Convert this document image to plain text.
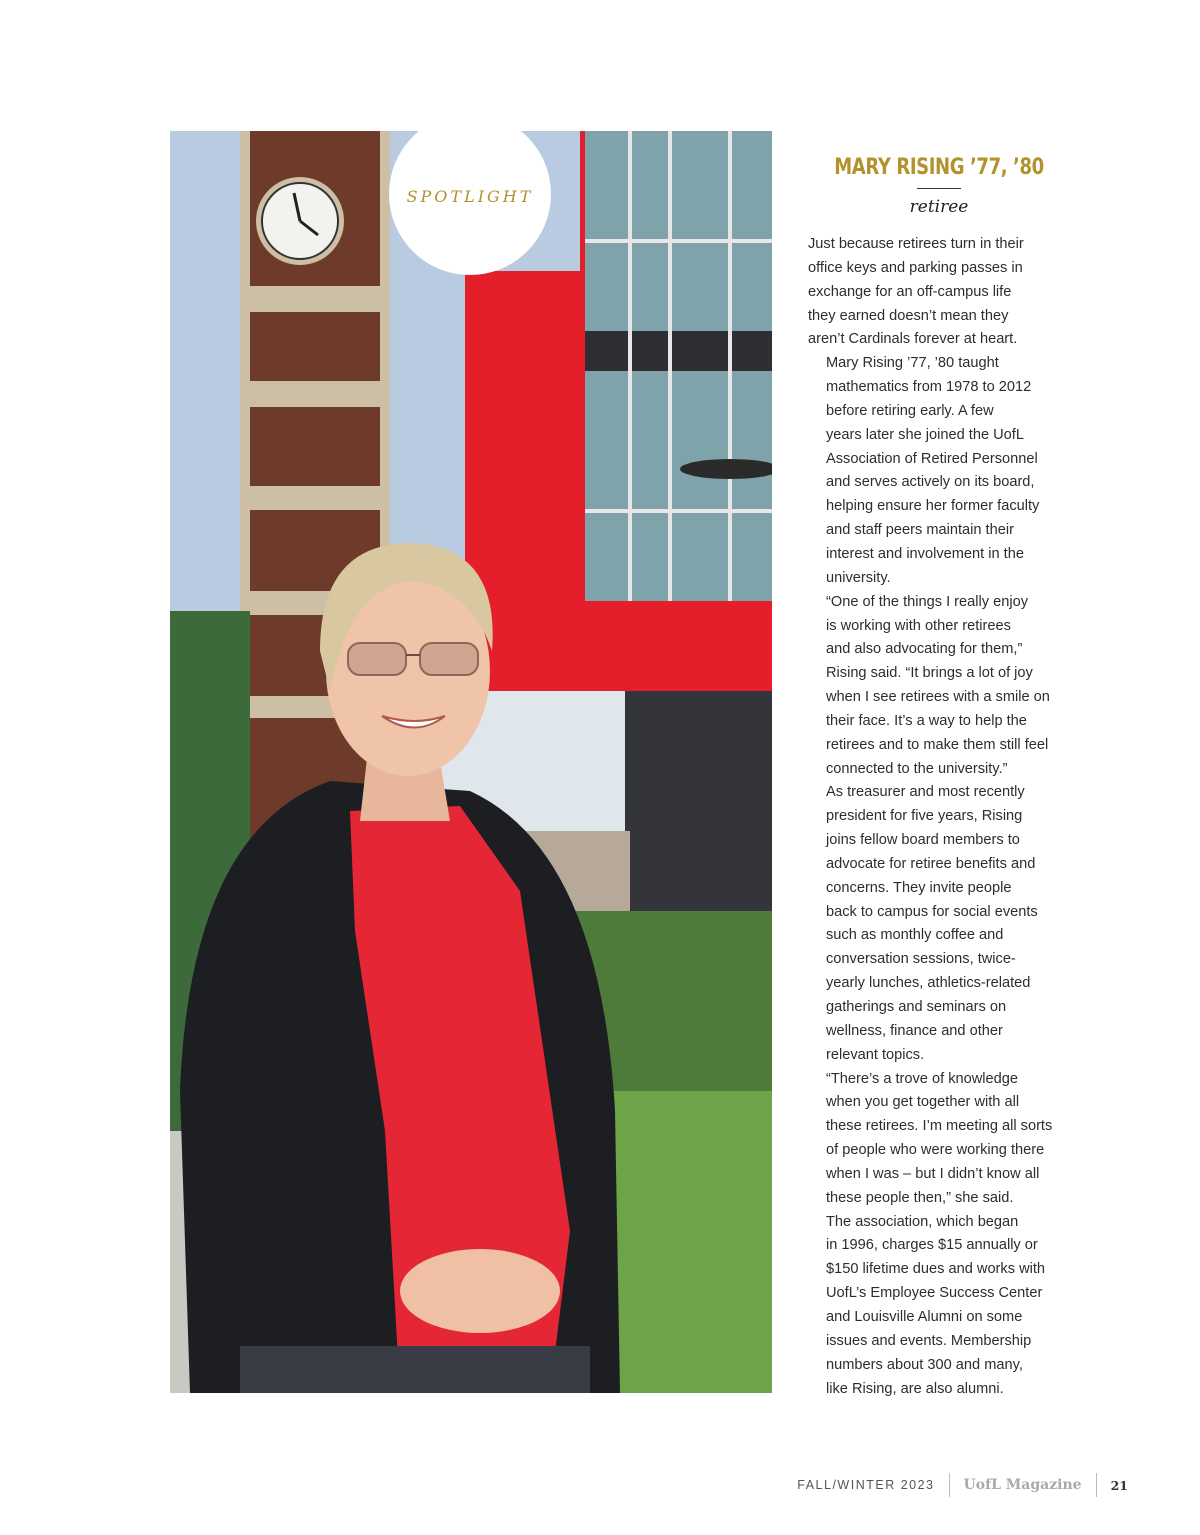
SPOTLIGHT
MARY RISING ’77, ’80
retiree

Just because retirees turn in their
office keys and parking passes in
exchange for an off-campus life
they earned doesn’t mean they
aren’t Cardinals forever at heart.

Mary Rising ’77, ’80 taught
mathematics from 1978 to 2012
before retiring early. A few
years later she joined the UofL
Association of Retired Personnel
and serves actively on its board,
helping ensure her former faculty
and staff peers maintain their
interest and involvement in the
university.

“One of the things I really enjoy
is working with other retirees
and also advocating for them,”
Rising said. “It brings a lot of joy
when I see retirees with a smile on
their face. It’s a way to help the
retirees and to make them still feel
connected to the university.”

As treasurer and most recently
president for five years, Rising
joins fellow board members to
advocate for retiree benefits and
concerns. They invite people
back to campus for social events
such as monthly coffee and
conversation sessions, twice-
yearly lunches, athletics-related
gatherings and seminars on
wellness, finance and other
relevant topics.

“There’s a trove of knowledge
when you get together with all
these retirees. I’m meeting all sorts
of people who were working there
when I was – but I didn’t know all
these people then,” she said.

The association, which began
in 1996, charges $15 annually or
$150 lifetime dues and works with
UofL’s Employee Success Center
and Louisville Alumni on some
issues and events. Membership
numbers about 300 and many,
like Rising, are also alumni.

FALL/WINTER 2023 UofL Magazine 21
